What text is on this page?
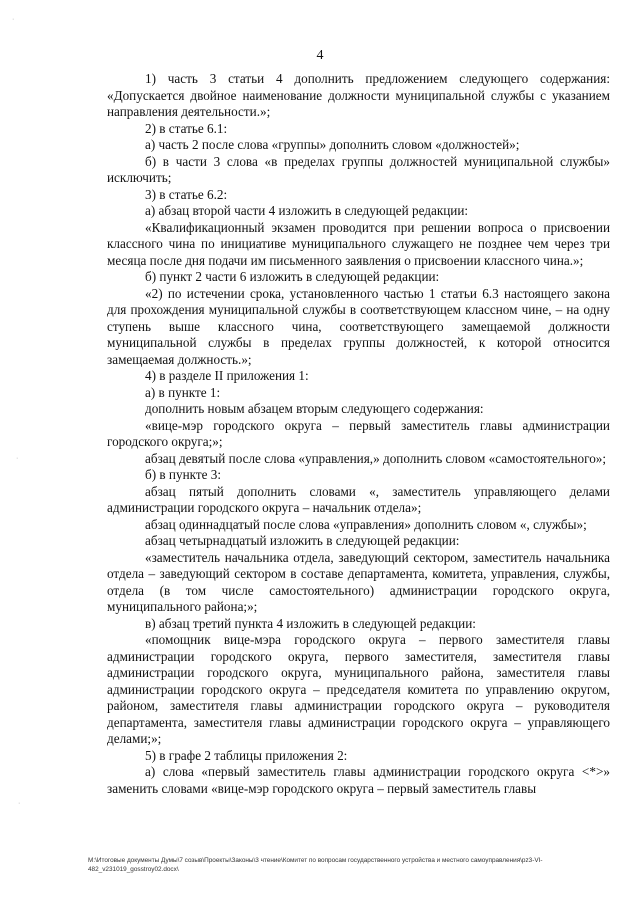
4

1) часть 3 статьи 4 дополнить предложением следующего содержания: «Допускается двойное наименование должности муниципальной службы с указанием направления деятельности.»;

2) в статье 6.1:

а) часть 2 после слова «группы» дополнить словом «должностей»;

б) в части 3 слова «в пределах группы должностей муниципальной службы» исключить;

3) в статье 6.2:

а) абзац второй части 4 изложить в следующей редакции:

«Квалификационный экзамен проводится при решении вопроса о присвоении классного чина по инициативе муниципального служащего не позднее чем через три месяца после дня подачи им письменного заявления о присвоении классного чина.»;

б) пункт 2 части 6 изложить в следующей редакции:

«2) по истечении срока, установленного частью 1 статьи 6.3 настоящего закона для прохождения муниципальной службы в соответствующем классном чине, – на одну ступень выше классного чина, соответствующего замещаемой должности муниципальной службы в пределах группы должностей, к которой относится замещаемая должность.»;

4) в разделе II приложения 1:

а) в пункте 1:

дополнить новым абзацем вторым следующего содержания:

«вице-мэр городского округа – первый заместитель главы администрации городского округа;»;

абзац девятый после слова «управления,» дополнить словом «самостоятельного»;

б) в пункте 3:

абзац пятый дополнить словами «, заместитель управляющего делами администрации городского округа – начальник отдела»;

абзац одиннадцатый после слова «управления» дополнить словом «, службы»;

абзац четырнадцатый изложить в следующей редакции:

«заместитель начальника отдела, заведующий сектором, заместитель начальника отдела – заведующий сектором в составе департамента, комитета, управления, службы, отдела (в том числе самостоятельного) администрации городского округа, муниципального района;»;

в) абзац третий пункта 4 изложить в следующей редакции:

«помощник вице-мэра городского округа – первого заместителя главы администрации городского округа, первого заместителя, заместителя главы администрации городского округа, муниципального района, заместителя главы администрации городского округа – председателя комитета по управлению округом, районом, заместителя главы администрации городского округа – руководителя департамента, заместителя главы администрации городского округа – управляющего делами;»;

5) в графе 2 таблицы приложения 2:

а) слова «первый заместитель главы администрации городского округа <*>» заменить словами «вице-мэр городского округа – первый заместитель главы

M:\Итоговые документы Думы\7 созыв\Проекты\Законы\3 чтение\Комитет по вопросам государственного устройства и местного самоуправления\pz3-VI-482_v231019_gosstroy02.docx\
·
·
·
